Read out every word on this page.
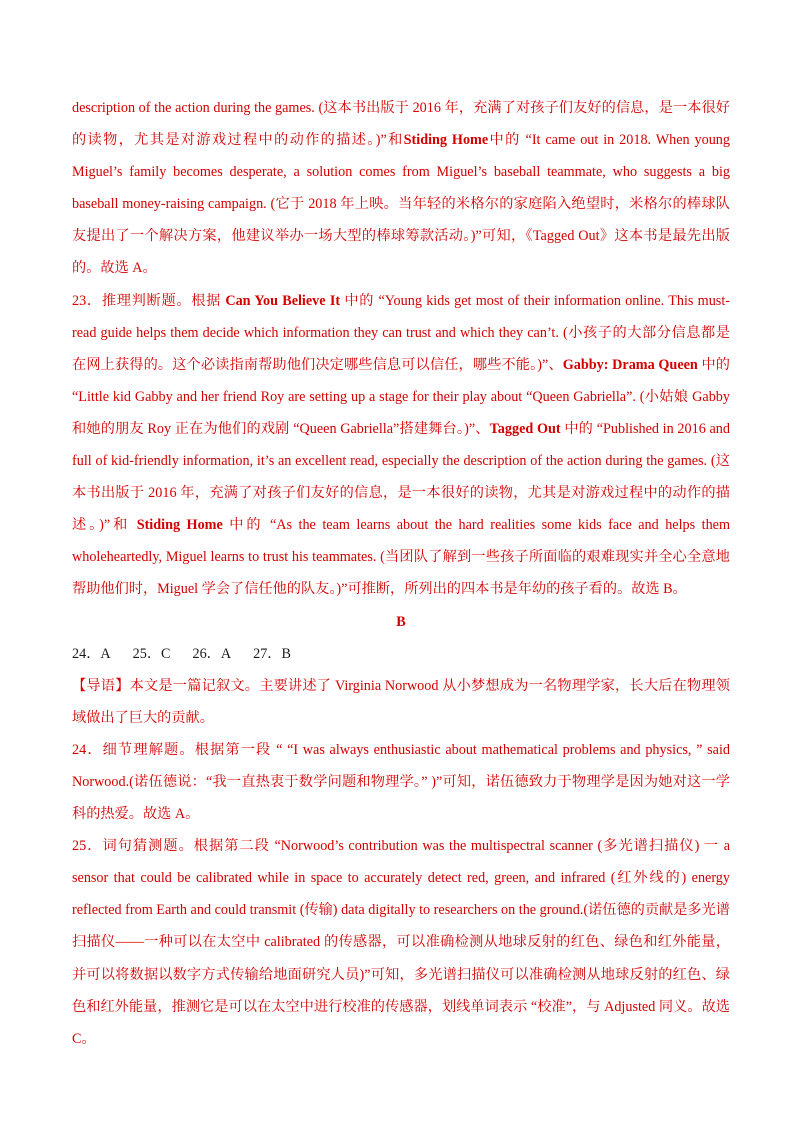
description of the action during the games. (这本书出版于 2016 年，充满了对孩子们友好的信息，是一本很好的读物，尤其是对游戏过程中的动作的描述。)”和Stiding Home中的 “It came out in 2018. When young Miguel’s family becomes desperate, a solution comes from Miguel’s baseball teammate, who suggests a big baseball money-raising campaign. (它于 2018 年上映。当年轻的米格尔的家庭陷入绝望时，米格尔的棒球队友提出了一个解决方案，他建议举办一场大型的棒球筹款活动。)”可知，《Tagged Out》这本书是最先出版的。故选 A。

23．推理判断题。根据 Can You Believe It 中的 “Young kids get most of their information online. This must-read guide helps them decide which information they can trust and which they can’t. (小孩子的大部分信息都是在网上获得的。这个必读指南帮助他们决定哪些信息可以信任，哪些不能。)”、Gabby: Drama Queen 中的 “Little kid Gabby and her friend Roy are setting up a stage for their play about “Queen Gabriella”. (小姑娘 Gabby 和她的朋友 Roy 正在为他们的戏剧 “Queen Gabriella”搭建舞台。)”、Tagged Out 中的 “Published in 2016 and full of kid-friendly information, it’s an excellent read, especially the description of the action during the games. (这本书出版于 2016 年，充满了对孩子们友好的信息，是一本很好的读物，尤其是对游戏过程中的动作的描述。)”和 Stiding Home 中的 “As the team learns about the hard realities some kids face and helps them wholeheartedly, Miguel learns to trust his teammates. (当团队了解到一些孩子所面临的艰难现实并全心全意地帮助他们时，Miguel 学会了信任他的队友。)”可推断，所列出的四本书是年幼的孩子看的。故选 B。

B

24．A 25．C 26．A 27．B

【导语】本文是一篇记叙文。主要讲述了 Virginia Norwood 从小梦想成为一名物理学家，长大后在物理领域做出了巨大的贡献。

24．细节理解题。根据第一段 “ “I was always enthusiastic about mathematical problems and physics, ” said Norwood.(诺伍德说：“我一直热衷于数学问题和物理学。” )”可知，诺伍德致力于物理学是因为她对这一学科的热爱。故选 A。

25．词句猜测题。根据第二段 “Norwood’s contribution was the multispectral scanner (多光谱扫描仪) 一 a sensor that could be calibrated while in space to accurately detect red, green, and infrared (红外线的) energy reflected from Earth and could transmit (传输) data digitally to researchers on the ground.(诺伍德的贡献是多光谱扫描仪——一种可以在太空中 calibrated 的传感器，可以准确检测从地球反射的红色、绿色和红外能量，并可以将数据以数字方式传输给地面研究人员)”可知，多光谱扫描仪可以准确检测从地球反射的红色、绿色和红外能量，推测它是可以在太空中进行校准的传感器，划线单词表示 “校准”，与 Adjusted 同义。故选 C。
